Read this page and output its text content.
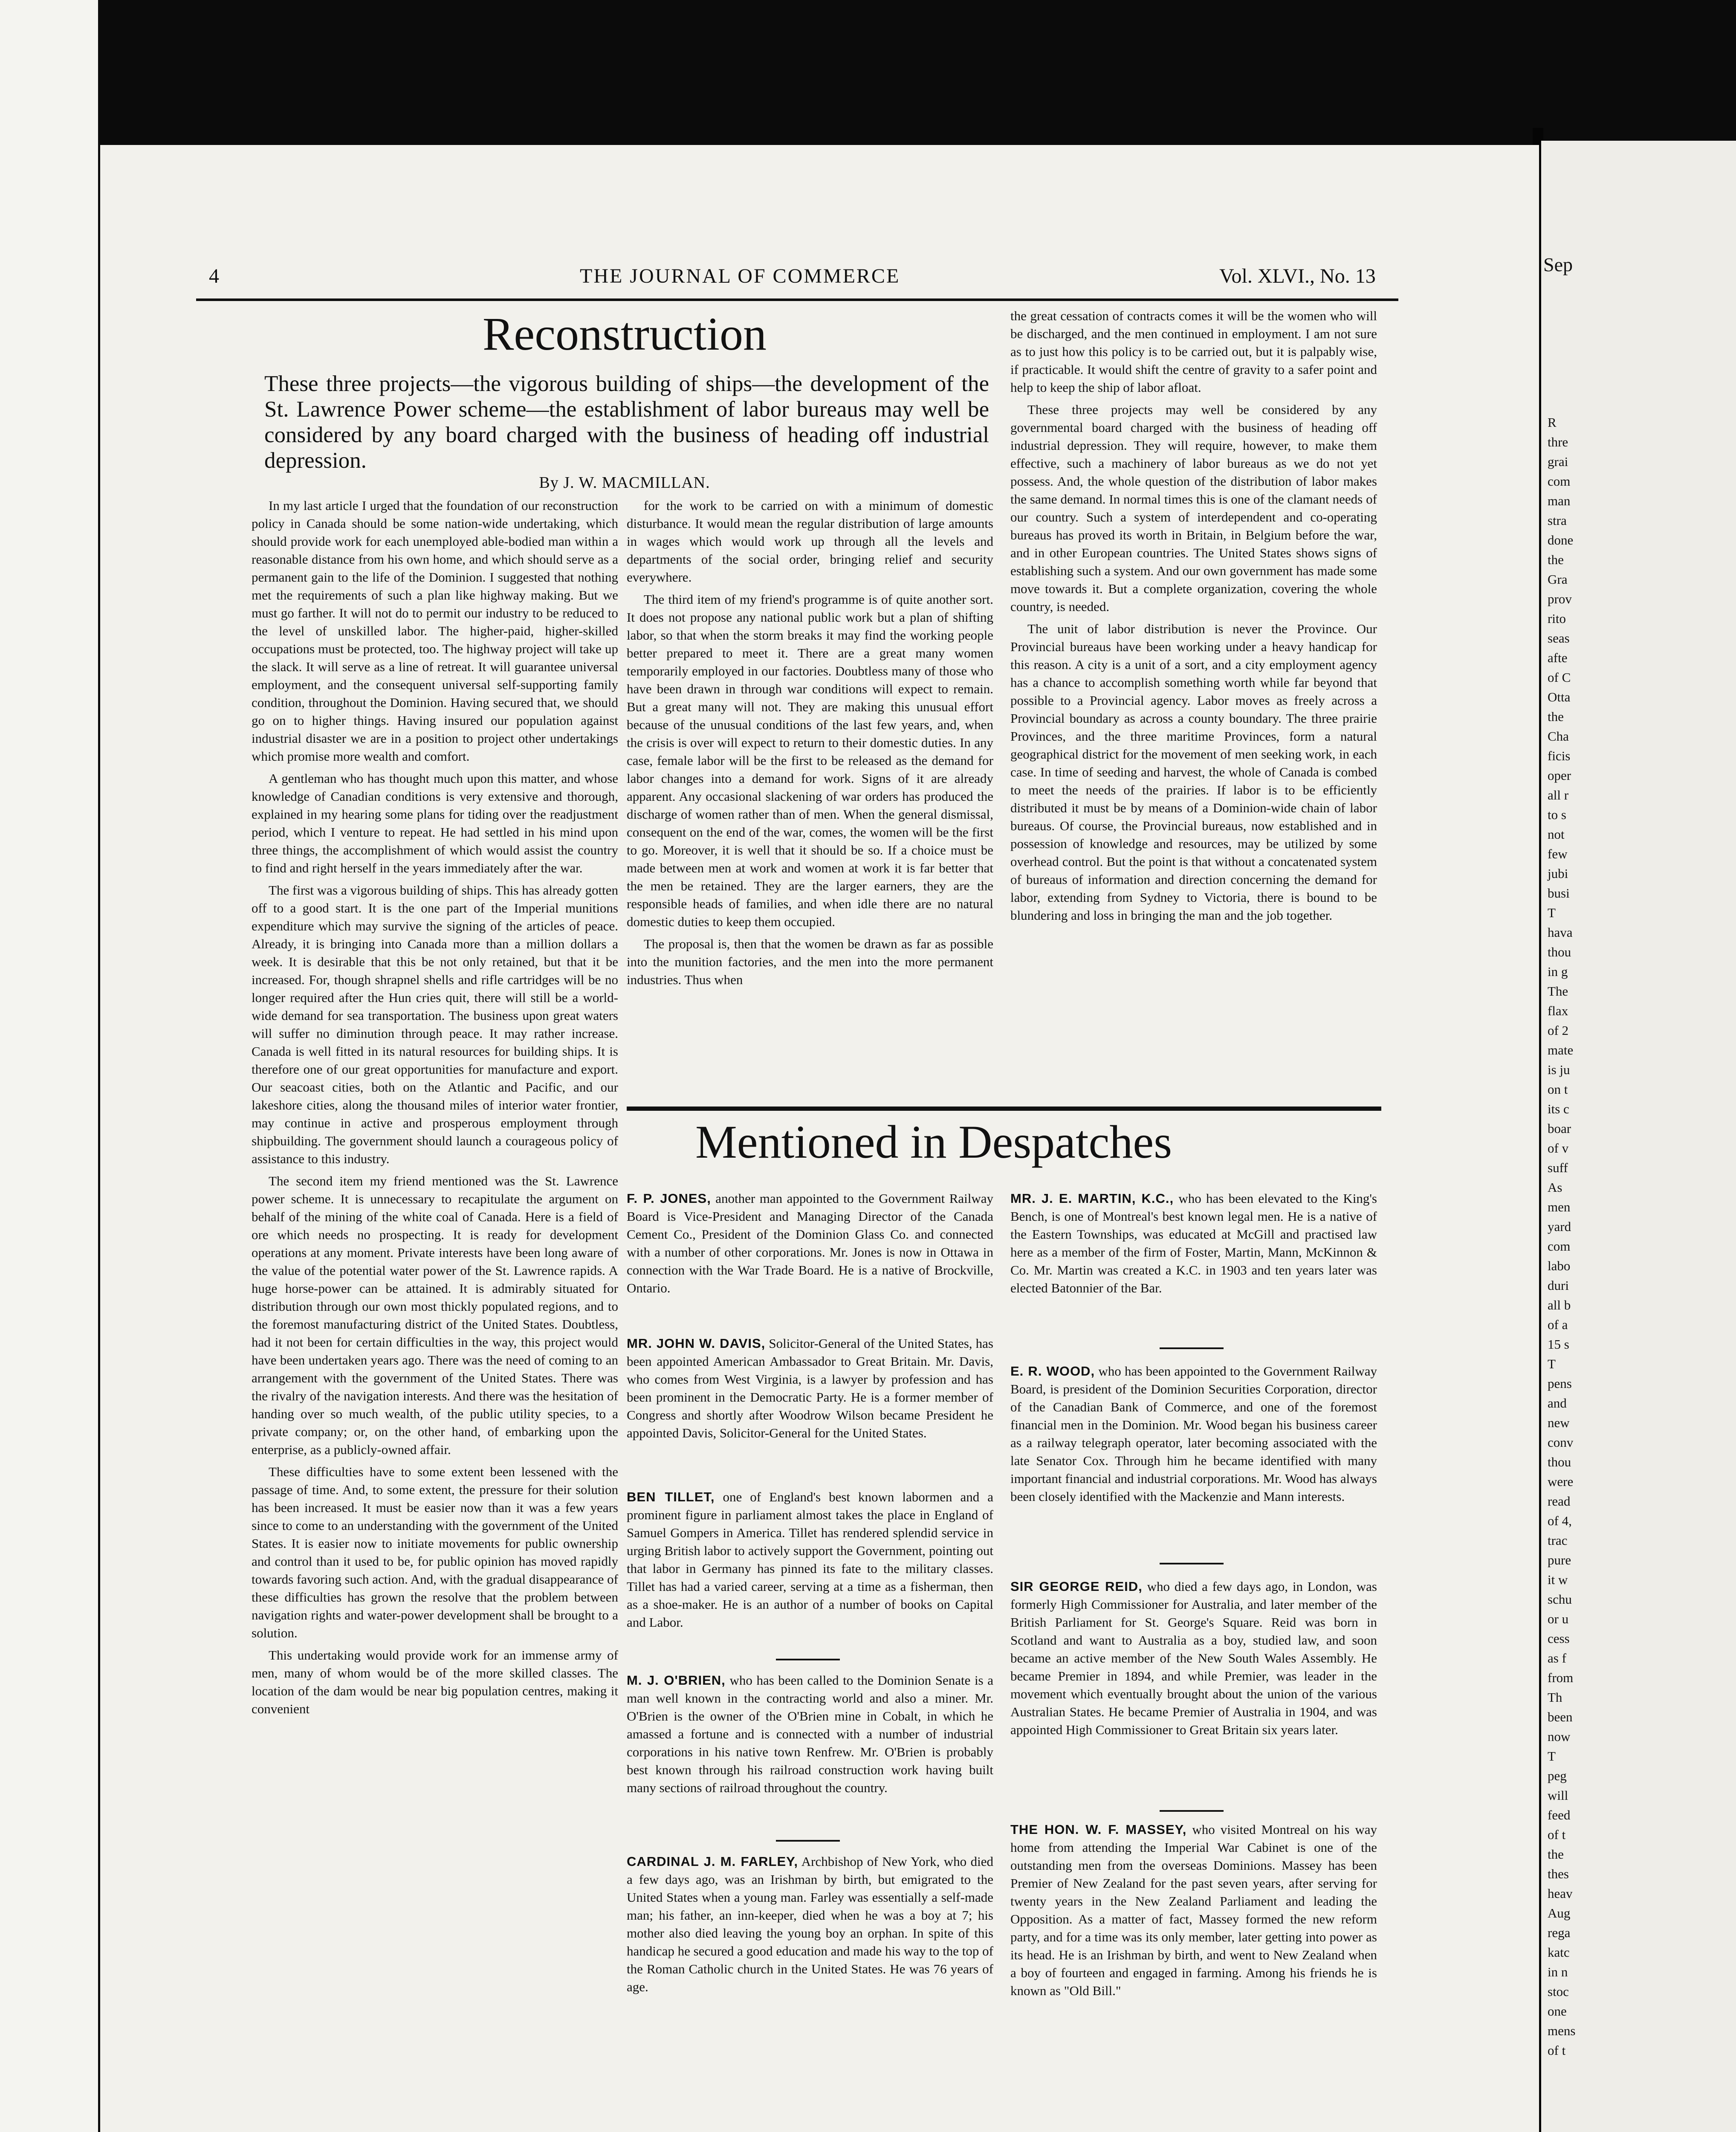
4	THE JOURNAL OF COMMERCE	Vol. XLVI., No. 13
Reconstruction
These three projects—the vigorous building of ships—the development of the St. Lawrence Power scheme—the establishment of labor bureaus may well be considered by any board charged with the business of heading off industrial depression.
By J. W. MACMILLAN.

In my last article I urged that the foundation of our reconstruction policy in Canada should be some nation-wide undertaking, which should provide work for each unemployed able-bodied man within a reasonable distance from his own home, and which should serve as a permanent gain to the life of the Dominion. I suggested that nothing met the requirements of such a plan like highway making. But we must go farther. It will not do to permit our industry to be reduced to the level of unskilled labor. The higher-paid, higher-skilled occupations must be protected, too. The highway project will take up the slack. It will serve as a line of retreat. It will guarantee universal employment, and the consequent universal self-supporting family condition, throughout the Dominion. Having secured that, we should go on to higher things. Having insured our population against industrial disaster we are in a position to project other undertakings which promise more wealth and comfort.

A gentleman who has thought much upon this matter, and whose knowledge of Canadian conditions is very extensive and thorough, explained in my hearing some plans for tiding over the readjustment period, which I venture to repeat. He had settled in his mind upon three things, the accomplishment of which would assist the country to find and right herself in the years immediately after the war.

The first was a vigorous building of ships. This has already gotten off to a good start. It is the one part of the Imperial munitions expenditure which may survive the signing of the articles of peace. Already, it is bringing into Canada more than a million dollars a week. It is desirable that this be not only retained, but that it be increased. For, though shrapnel shells and rifle cartridges will be no longer required after the Hun cries quit, there will still be a world-wide demand for sea transportation. The business upon great waters will suffer no diminution through peace. It may rather increase. Canada is well fitted in its natural resources for building ships. It is therefore one of our great opportunities for manufacture and export. Our seacoast cities, both on the Atlantic and Pacific, and our lakeshore cities, along the thousand miles of interior water frontier, may continue in active and prosperous employment through shipbuilding. The government should launch a courageous policy of assistance to this industry.

The second item my friend mentioned was the St. Lawrence power scheme. It is unnecessary to recapitulate the argument on behalf of the mining of the white coal of Canada. Here is a field of ore which needs no prospecting. It is ready for development operations at any moment. Private interests have been long aware of the value of the potential water power of the St. Lawrence rapids. A huge horse-power can be attained. It is admirably situated for distribution through our own most thickly populated regions, and to the foremost manufacturing district of the United States. Doubtless, had it not been for certain difficulties in the way, this project would have been undertaken years ago. There was the need of coming to an arrangement with the government of the United States. There was the rivalry of the navigation interests. And there was the hesitation of handing over so much wealth, of the public utility species, to a private company; or, on the other hand, of embarking upon the enterprise, as a publicly-owned affair.

These difficulties have to some extent been lessened with the passage of time. And, to some extent, the pressure for their solution has been increased. It must be easier now than it was a few years since to come to an understanding with the government of the United States. It is easier now to initiate movements for public ownership and control than it used to be, for public opinion has moved rapidly towards favoring such action. And, with the gradual disappearance of these difficulties has grown the resolve that the problem between navigation rights and water-power development shall be brought to a solution.

This undertaking would provide work for an immense army of men, many of whom would be of the more skilled classes. The location of the dam would be near big population centres, making it convenient

for the work to be carried on with a minimum of domestic disturbance. It would mean the regular distribution of large amounts in wages which would work up through all the levels and departments of the social order, bringing relief and security everywhere.

The third item of my friend's programme is of quite another sort. It does not propose any national public work but a plan of shifting labor, so that when the storm breaks it may find the working people better prepared to meet it. There are a great many women temporarily employed in our factories. Doubtless many of those who have been drawn in through war conditions will expect to remain. But a great many will not. They are making this unusual effort because of the unusual conditions of the last few years, and, when the crisis is over will expect to return to their domestic duties. In any case, female labor will be the first to be released as the demand for labor changes into a demand for work. Signs of it are already apparent. Any occasional slackening of war orders has produced the discharge of women rather than of men. When the general dismissal, consequent on the end of the war, comes, the women will be the first to go. Moreover, it is well that it should be so. If a choice must be made between men at work and women at work it is far better that the men be retained. They are the larger earners, they are the responsible heads of families, and when idle there are no natural domestic duties to keep them occupied.

The proposal is, then that the women be drawn as far as possible into the munition factories, and the men into the more permanent industries. Thus when

the great cessation of contracts comes it will be the women who will be discharged, and the men continued in employment. I am not sure as to just how this policy is to be carried out, but it is palpably wise, if practicable. It would shift the centre of gravity to a safer point and help to keep the ship of labor afloat.

These three projects may well be considered by any governmental board charged with the business of heading off industrial depression. They will require, however, to make them effective, such a machinery of labor bureaus as we do not yet possess. And, the whole question of the distribution of labor makes the same demand. In normal times this is one of the clamant needs of our country. Such a system of interdependent and co-operating bureaus has proved its worth in Britain, in Belgium before the war, and in other European countries. The United States shows signs of establishing such a system. And our own government has made some move towards it. But a complete organization, covering the whole country, is needed.

The unit of labor distribution is never the Province. Our Provincial bureaus have been working under a heavy handicap for this reason. A city is a unit of a sort, and a city employment agency has a chance to accomplish something worth while far beyond that possible to a Provincial agency. Labor moves as freely across a Provincial boundary as across a county boundary. The three prairie Provinces, and the three maritime Provinces, form a natural geographical district for the movement of men seeking work, in each case. In time of seeding and harvest, the whole of Canada is combed to meet the needs of the prairies. If labor is to be efficiently distributed it must be by means of a Dominion-wide chain of labor bureaus. Of course, the Provincial bureaus, now established and in possession of knowledge and resources, may be utilized by some overhead control. But the point is that without a concatenated system of bureaus of information and direction concerning the demand for labor, extending from Sydney to Victoria, there is bound to be blundering and loss in bringing the man and the job together.

Mentioned in Despatches
F. P. JONES, another man appointed to the Government Railway Board is Vice-President and Managing Director of the Canada Cement Co., President of the Dominion Glass Co. and connected with a number of other corporations. Mr. Jones is now in Ottawa in connection with the War Trade Board. He is a native of Brockville, Ontario.
MR. JOHN W. DAVIS, Solicitor-General of the United States, has been appointed American Ambassador to Great Britain. Mr. Davis, who comes from West Virginia, is a lawyer by profession and has been prominent in the Democratic Party. He is a former member of Congress and shortly after Woodrow Wilson became President he appointed Davis, Solicitor-General for the United States.
BEN TILLET, one of England's best known labormen and a prominent figure in parliament almost takes the place in England of Samuel Gompers in America. Tillet has rendered splendid service in urging British labor to actively support the Government, pointing out that labor in Germany has pinned its fate to the military classes. Tillet has had a varied career, serving at a time as a fisherman, then as a shoe-maker. He is an author of a number of books on Capital and Labor.
M. J. O'BRIEN, who has been called to the Dominion Senate is a man well known in the contracting world and also a miner. Mr. O'Brien is the owner of the O'Brien mine in Cobalt, in which he amassed a fortune and is connected with a number of industrial corporations in his native town Renfrew. Mr. O'Brien is probably best known through his railroad construction work having built many sections of railroad throughout the country.
CARDINAL J. M. FARLEY, Archbishop of New York, who died a few days ago, was an Irishman by birth, but emigrated to the United States when a young man. Farley was essentially a self-made man; his father, an inn-keeper, died when he was a boy at 7; his mother also died leaving the young boy an orphan. In spite of this handicap he secured a good education and made his way to the top of the Roman Catholic church in the United States. He was 76 years of age.
MR. J. E. MARTIN, K.C., who has been elevated to the King's Bench, is one of Montreal's best known legal men. He is a native of the Eastern Townships, was educated at McGill and practised law here as a member of the firm of Foster, Martin, Mann, McKinnon & Co. Mr. Martin was created a K.C. in 1903 and ten years later was elected Batonnier of the Bar.
E. R. WOOD, who has been appointed to the Government Railway Board, is president of the Dominion Securities Corporation, director of the Canadian Bank of Commerce, and one of the foremost financial men in the Dominion. Mr. Wood began his business career as a railway telegraph operator, later becoming associated with the late Senator Cox. Through him he became identified with many important financial and industrial corporations. Mr. Wood has always been closely identified with the Mackenzie and Mann interests.
SIR GEORGE REID, who died a few days ago, in London, was formerly High Commissioner for Australia, and later member of the British Parliament for St. George's Square. Reid was born in Scotland and want to Australia as a boy, studied law, and soon became an active member of the New South Wales Assembly. He became Premier in 1894, and while Premier, was leader in the movement which eventually brought about the union of the various Australian States. He became Premier of Australia in 1904, and was appointed High Commissioner to Great Britain six years later.
THE HON. W. F. MASSEY, who visited Montreal on his way home from attending the Imperial War Cabinet is one of the outstanding men from the overseas Dominions. Massey has been Premier of New Zealand for the past seven years, after serving for twenty years in the New Zealand Parliament and leading the Opposition. As a matter of fact, Massey formed the new reform party, and for a time was its only member, later getting into power as its head. He is an Irishman by birth, and went to New Zealand when a boy of fourteen and engaged in farming. Among his friends he is known as "Old Bill."
Sep
R
thre
grai
com
man
stra
done
the
Gra
prov
rito
seas
afte
of C
Otta
the
Cha
ficis
oper
all r
to s
not
few
jubi
busi
T
hava
thou
in g
The
flax
of 2
mate
is ju
on t
its c
boar
of v
suff
As
men
yard
com
labo
duri
all b
of a
15 s
T
pens
and
new
conv
thou
were
read
of 4,
trac
pure
it w
schu
or u
cess
as f
from
Th
been
now
T
peg
will
feed
of t
the
thes
heav
Aug
rega
katc
in n
stoc
one
mens
of t
